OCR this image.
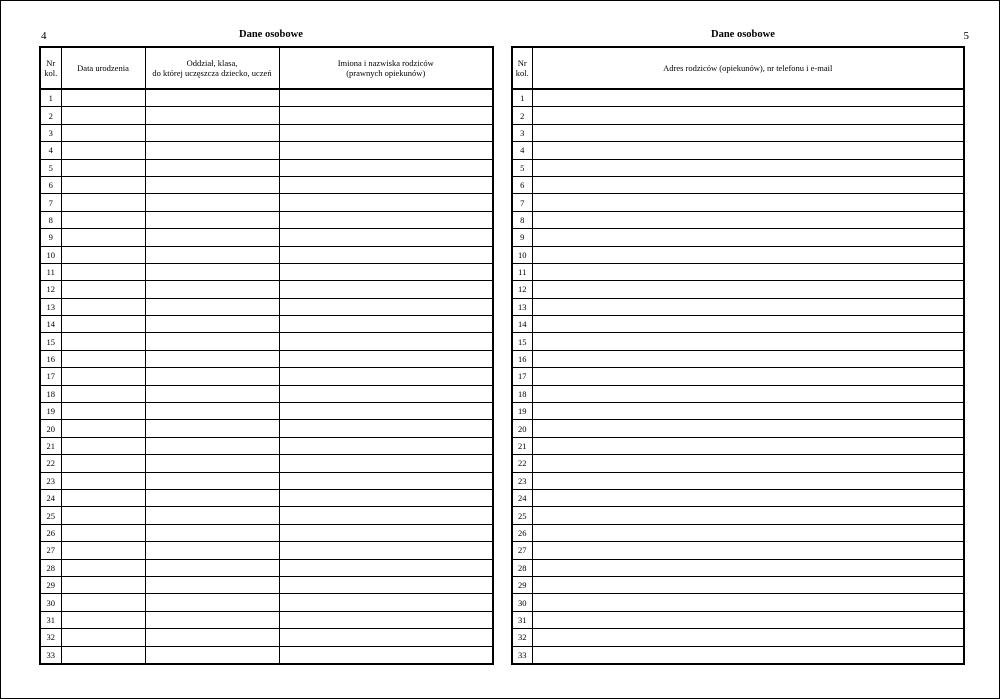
4	Dane osobowe
Nr
kol.	Data urodzenia	Oddział, klasa,
do której uczęszcza dziecko, uczeń	Imiona i nazwiska rodziców
(prawnych opiekunów)

1			
2			
3			
4			
5			
6			
7			
8			
9			
10			
11			
12			
13			
14			
15			
16			
17			
18			
19			
20			
21			
22			
23			
24			
25			
26			
27			
28			
29			
30			
31			
32			
33			
5
Dane osobowe
Nr
kol.	Adres rodziców (opiekunów), nr telefonu i e-mail

1	
2	
3	
4	
5	
6	
7	
8	
9	
10	
11	
12	
13	
14	
15	
16	
17	
18	
19	
20	
21	
22	
23	
24	
25	
26	
27	
28	
29	
30	
31	
32	
33	
